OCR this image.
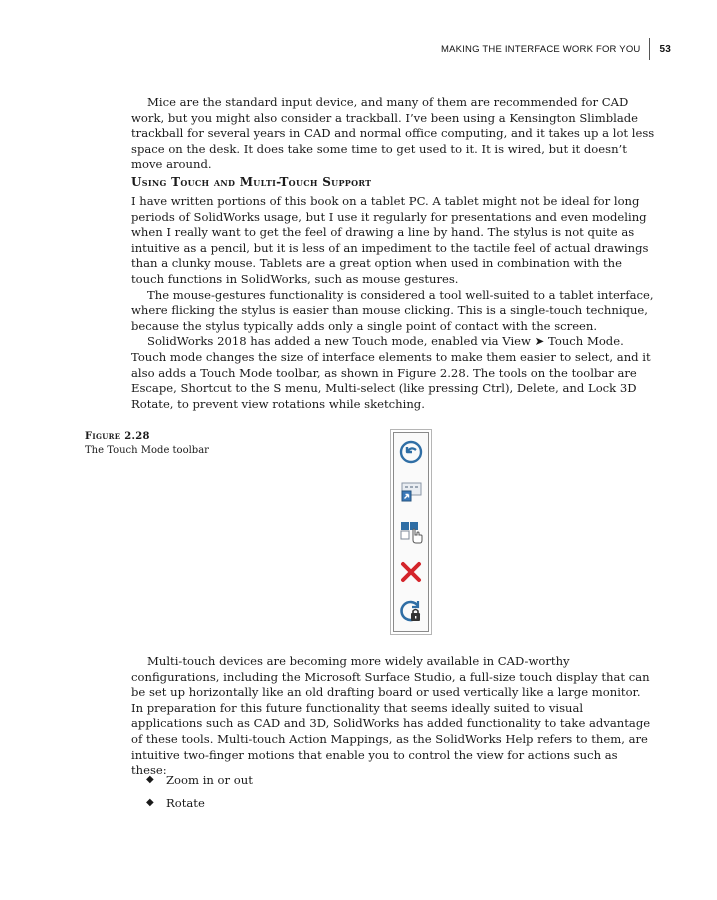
MAKING THE INTERFACE WORK FOR YOU	53

Mice are the standard input device, and many of them are recommended for CAD work, but you might also consider a trackball. I’ve been using a Kensington Slimblade trackball for several years in CAD and normal office computing, and it takes up a lot less space on the desk. It does take some time to get used to it. It is wired, but it doesn’t move around.

Using Touch and Multi-Touch Support

I have written portions of this book on a tablet PC. A tablet might not be ideal for long periods of SolidWorks usage, but I use it regularly for presentations and even modeling when I really want to get the feel of drawing a line by hand. The stylus is not quite as intuitive as a pencil, but it is less of an impediment to the tactile feel of actual drawings than a clunky mouse. Tablets are a great option when used in combination with the touch functions in SolidWorks, such as mouse gestures.

The mouse-gestures functionality is considered a tool well-suited to a tablet interface, where flicking the stylus is easier than mouse clicking. This is a single-touch technique, because the stylus typically adds only a single point of contact with the screen.

SolidWorks 2018 has added a new Touch mode, enabled via View ➤ Touch Mode. Touch mode changes the size of interface elements to make them easier to select, and it also adds a Touch Mode toolbar, as shown in Figure 2.28. The tools on the toolbar are Escape, Shortcut to the S menu, Multi-select (like pressing Ctrl), Delete, and Lock 3D Rotate, to prevent view rotations while sketching.

Figure 2.28
The Touch Mode toolbar

Multi-touch devices are becoming more widely available in CAD-worthy configurations, including the Microsoft Surface Studio, a full-size touch display that can be set up horizontally like an old drafting board or used vertically like a large monitor. In preparation for this future functionality that seems ideally suited to visual applications such as CAD and 3D, SolidWorks has added functionality to take advantage of these tools. Multi-touch Action Mappings, as the SolidWorks Help refers to them, are intuitive two-finger motions that enable you to control the view for actions such as these:

◆	Zoom in or out
◆	Rotate
